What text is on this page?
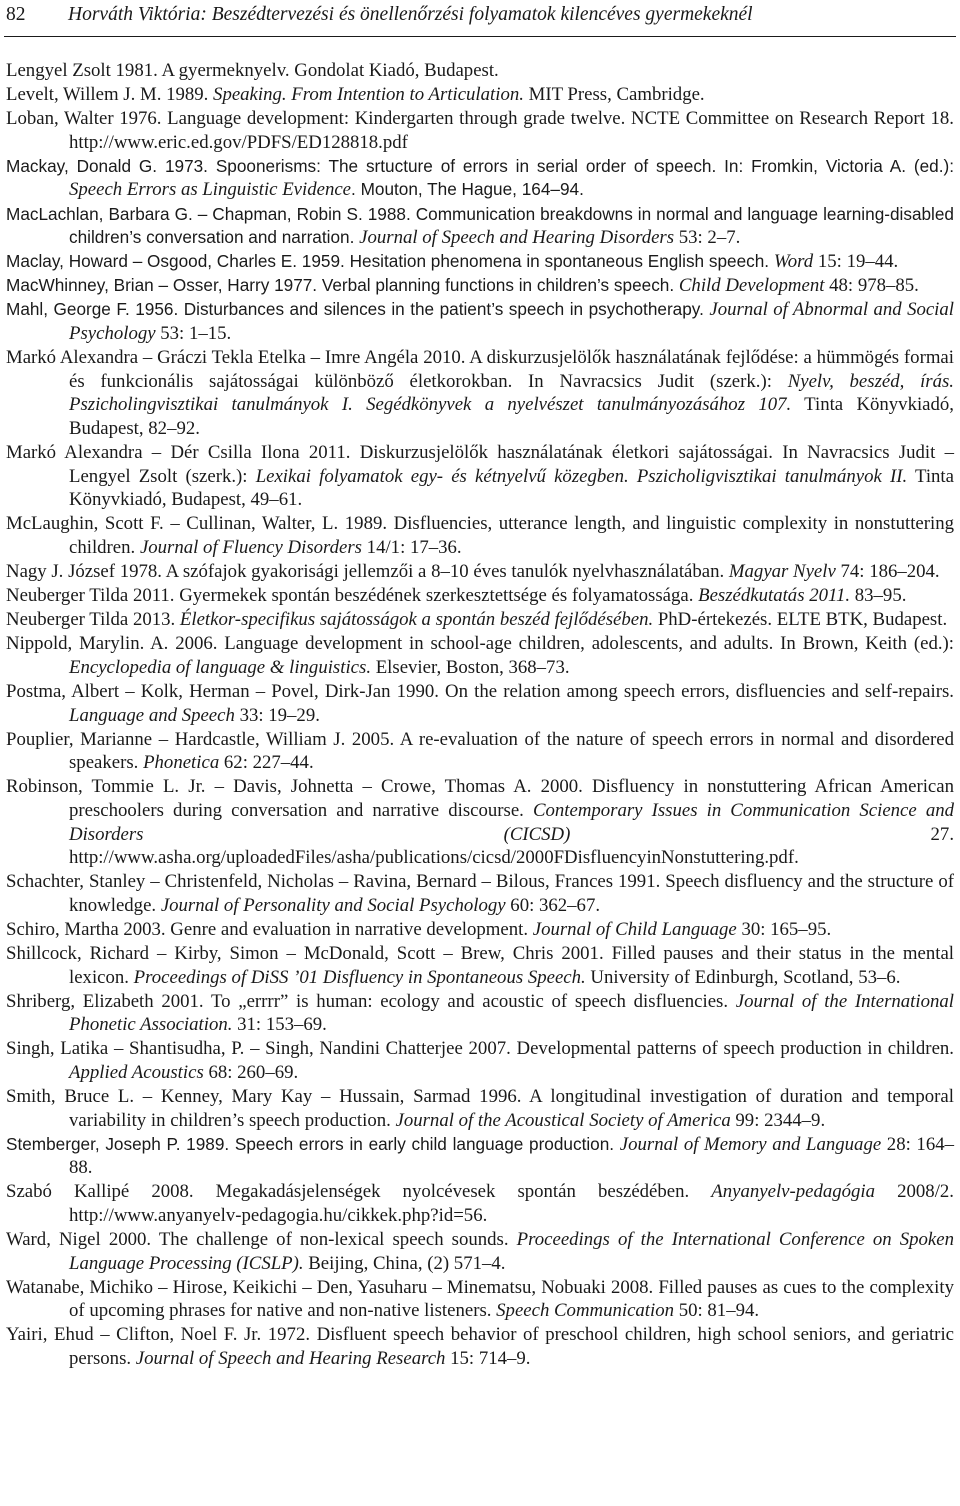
82 Horváth Viktória: Beszédtervezési és önellenőrzési folyamatok kilencéves gyermekeknél

Lengyel Zsolt 1981. A gyermeknyelv. Gondolat Kiadó, Budapest.

Levelt, Willem J. M. 1989. Speaking. From Intention to Articulation. MIT Press, Cambridge.

Loban, Walter 1976. Language development: Kindergarten through grade twelve. NCTE Committee on Research Report 18. http://www.eric.ed.gov/PDFS/ED128818.pdf

Mackay, Donald G. 1973. Spoonerisms: The srtucture of errors in serial order of speech. In: Fromkin, Victoria A. (ed.): Speech Errors as Linguistic Evidence. Mouton, The Hague, 164–94.

MacLachlan, Barbara G. – Chapman, Robin S. 1988. Communication breakdowns in normal and language learning-disabled children’s conversation and narration. Journal of Speech and Hearing Disorders 53: 2–7.

Maclay, Howard – Osgood, Charles E. 1959. Hesitation phenomena in spontaneous English speech. Word 15: 19–44.

MacWhinney, Brian – Osser, Harry 1977. Verbal planning functions in children’s speech. Child Development 48: 978–85.

Mahl, George F. 1956. Disturbances and silences in the patient’s speech in psychotherapy. Journal of Abnormal and Social Psychology 53: 1–15.

Markó Alexandra – Gráczi Tekla Etelka – Imre Angéla 2010. A diskurzusjelölők használatának fejlődése: a hümmögés formai és funkcionális sajátosságai különböző életkorokban. In Navracsics Judit (szerk.): Nyelv, beszéd, írás. Pszicholingvisztikai tanulmányok I. Segédkönyvek a nyelvészet tanulmányozásához 107. Tinta Könyvkiadó, Budapest, 82–92.

Markó Alexandra – Dér Csilla Ilona 2011. Diskurzusjelölők használatának életkori sajátosságai. In Navracsics Judit – Lengyel Zsolt (szerk.): Lexikai folyamatok egy- és kétnyelvű közegben. Pszicholigvisztikai tanulmányok II. Tinta Könyvkiadó, Budapest, 49–61.

McLaughin, Scott F. – Cullinan, Walter, L. 1989. Disfluencies, utterance length, and linguistic complexity in nonstuttering children. Journal of Fluency Disorders 14/1: 17–36.

Nagy J. József 1978. A szófajok gyakorisági jellemzői a 8–10 éves tanulók nyelvhasználatában. Magyar Nyelv 74: 186–204.

Neuberger Tilda 2011. Gyermekek spontán beszédének szerkesztettsége és folyamatossága. Beszédkutatás 2011. 83–95.

Neuberger Tilda 2013. Életkor-specifikus sajátosságok a spontán beszéd fejlődésében. PhD-értekezés. ELTE BTK, Budapest.

Nippold, Marylin. A. 2006. Language development in school-age children, adolescents, and adults. In Brown, Keith (ed.): Encyclopedia of language & linguistics. Elsevier, Boston, 368–73.

Postma, Albert – Kolk, Herman – Povel, Dirk-Jan 1990. On the relation among speech errors, disfluencies and self-repairs. Language and Speech 33: 19–29.

Pouplier, Marianne – Hardcastle, William J. 2005. A re-evaluation of the nature of speech errors in normal and disordered speakers. Phonetica 62: 227–44.

Robinson, Tommie L. Jr. – Davis, Johnetta – Crowe, Thomas A. 2000. Disfluency in nonstuttering African American preschoolers during conversation and narrative discourse. Contemporary Issues in Communication Science and Disorders (CICSD) 27. http://www.asha.org/uploadedFiles/asha/publications/cicsd/2000FDisfluencyinNonstuttering.pdf.

Schachter, Stanley – Christenfeld, Nicholas – Ravina, Bernard – Bilous, Frances 1991. Speech disfluency and the structure of knowledge. Journal of Personality and Social Psychology 60: 362–67.

Schiro, Martha 2003. Genre and evaluation in narrative development. Journal of Child Language 30: 165–95.

Shillcock, Richard – Kirby, Simon – McDonald, Scott – Brew, Chris 2001. Filled pauses and their status in the mental lexicon. Proceedings of DiSS ’01 Disfluency in Spontaneous Speech. University of Edinburgh, Scotland, 53–6.

Shriberg, Elizabeth 2001. To „errrr” is human: ecology and acoustic of speech disfluencies. Journal of the International Phonetic Association. 31: 153–69.

Singh, Latika – Shantisudha, P. – Singh, Nandini Chatterjee 2007. Developmental patterns of speech production in children. Applied Acoustics 68: 260–69.

Smith, Bruce L. – Kenney, Mary Kay – Hussain, Sarmad 1996. A longitudinal investigation of duration and temporal variability in children’s speech production. Journal of the Acoustical Society of America 99: 2344–9.

Stemberger, Joseph P. 1989. Speech errors in early child language production. Journal of Memory and Language 28: 164–88.

Szabó Kallipé 2008. Megakadásjelenségek nyolcévesek spontán beszédében. Anyanyelv-pedagógia 2008/2. http://www.anyanyelv-pedagogia.hu/cikkek.php?id=56.

Ward, Nigel 2000. The challenge of non-lexical speech sounds. Proceedings of the International Conference on Spoken Language Processing (ICSLP). Beijing, China, (2) 571–4.

Watanabe, Michiko – Hirose, Keikichi – Den, Yasuharu – Minematsu, Nobuaki 2008. Filled pauses as cues to the complexity of upcoming phrases for native and non-native listeners. Speech Communication 50: 81–94.

Yairi, Ehud – Clifton, Noel F. Jr. 1972. Disfluent speech behavior of preschool children, high school seniors, and geriatric persons. Journal of Speech and Hearing Research 15: 714–9.
